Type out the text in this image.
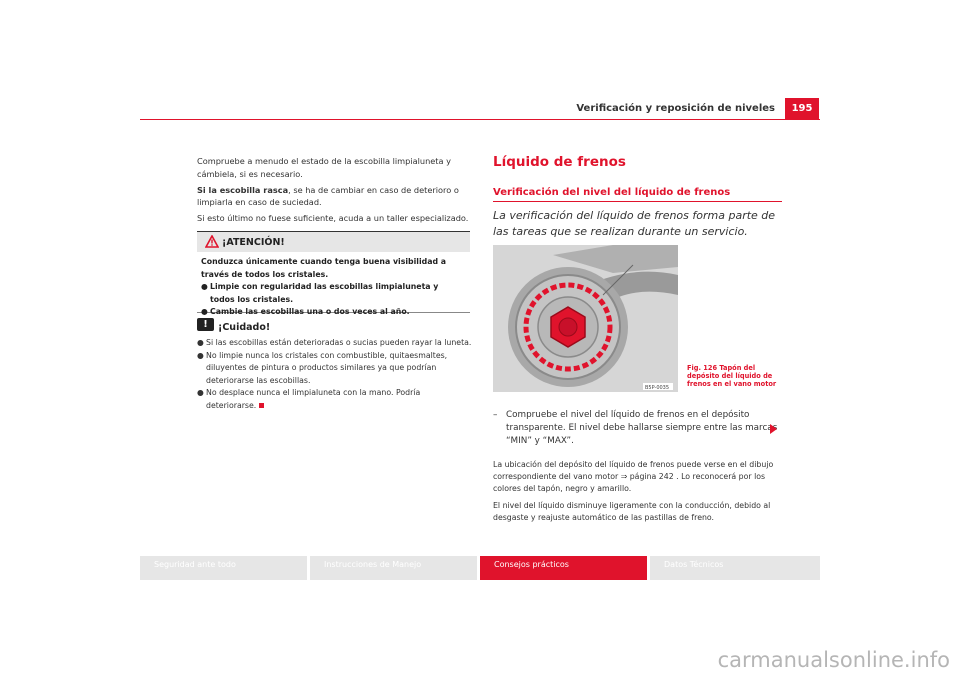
Verificación y reposición de niveles	195

Compruebe a menudo el estado de la escobilla limpialuneta y cámbiela, si es necesario.

Si la escobilla rasca, se ha de cambiar en caso de deterioro o limpiarla en caso de suciedad.

Si esto último no fuese suficiente, acuda a un taller especializado.

¡ATENCIÓN!
Conduzca únicamente cuando tenga buena visibilidad a través de todos los cristales.
● Limpie con regularidad las escobillas limpialuneta y todos los cristales.
● Cambie las escobillas una o dos veces al año.
!	¡Cuidado!
● Si las escobillas están deterioradas o sucias pueden rayar la luneta.
● No limpie nunca los cristales con combustible, quitaesmaltes, diluyentes de pintura o productos similares ya que podrían deteriorarse las escobillas.
● No desplace nunca el limpialuneta con la mano. Podría deteriorarse.
Líquido de frenos
Verificación del nivel del líquido de frenos
La verificación del líquido de frenos forma parte de las tareas que se realizan durante un servicio.
B5P-0035
Fig. 126 Tapón del depósito del líquido de frenos en el vano motor
– Compruebe el nivel del líquido de frenos en el depósito transparente. El nivel debe hallarse siempre entre las marcas “MIN” y “MAX”.

La ubicación del depósito del líquido de frenos puede verse en el dibujo correspondiente del vano motor ⇒ página 242 . Lo reconocerá por los colores del tapón, negro y amarillo.

El nivel del líquido disminuye ligeramente con la conducción, debido al desgaste y reajuste automático de las pastillas de freno.

Seguridad ante todo	Instrucciones de Manejo	Consejos prácticos	Datos Técnicos
carmanualsonline.info
